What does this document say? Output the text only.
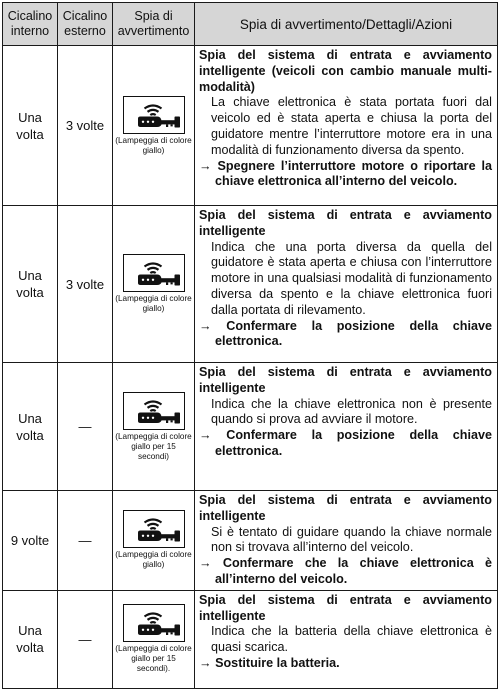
Cicalino interno	Cicalino esterno	Spia di avvertimento	Spia di avvertimento/Dettagli/Azioni
Una volta	3 volte	(Lampeggia di colore giallo)	Spia del sistema di entrata e avviamento intelligente (veicoli con cambio manuale multi-modalità)
La chiave elettronica è stata portata fuori dal veicolo ed è stata aperta e chiusa la porta del guidatore mentre l’interruttore motore era in una modalità di funzionamento diversa da spento.
→ Spegnere l’interruttore motore o riportare la chiave elettronica all’interno del veicolo.

Una volta	3 volte	(Lampeggia di colore giallo)	Spia del sistema di entrata e avviamento intelligente
Indica che una porta diversa da quella del guidatore è stata aperta e chiusa con l’interruttore motore in una qualsiasi modalità di funzionamento diversa da spento e la chiave elettronica fuori dalla portata di rilevamento.
→ Confermare la posizione della chiave elettronica.

Una volta	—	(Lampeggia di colore giallo per 15 secondi)	Spia del sistema di entrata e avviamento intelligente
Indica che la chiave elettronica non è presente quando si prova ad avviare il motore.
→ Confermare la posizione della chiave elettronica.

9 volte	—	(Lampeggia di colore giallo)	Spia del sistema di entrata e avviamento intelligente
Si è tentato di guidare quando la chiave normale non si trovava all’interno del veicolo.
→ Confermare che la chiave elettronica è all’interno del veicolo.

Una volta	—	(Lampeggia di colore giallo per 15 secondi).	Spia del sistema di entrata e avviamento intelligente
Indica che la batteria della chiave elettronica è quasi scarica.
→ Sostituire la batteria.
